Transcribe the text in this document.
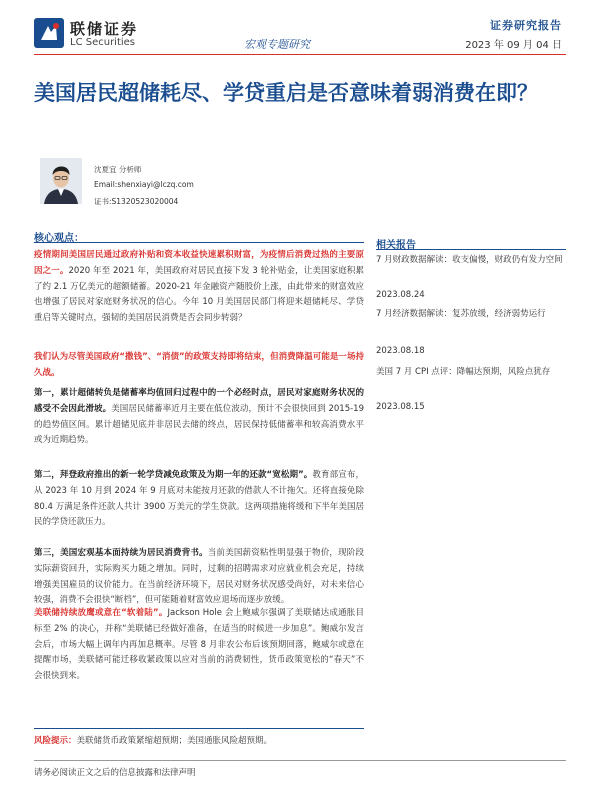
联储证券
LC Securities	宏观专题研究
证券研究报告
2023 年 09 月 04 日
美国居民超储耗尽、学贷重启是否意味着弱消费在即？
沈夏宜 分析师
Email:shenxiayi@lczq.com
证书:S1320523020004
核心观点：
疫情期间美国居民通过政府补贴和资本收益快速累积财富，为疫情后消费过热的主要原因之一。2020 年至 2021 年，美国政府对居民直接下发 3 轮补贴金，让美国家庭积累了约 2.1 万亿美元的超额储蓄。2020-21 年金融资产随股价上涨，由此带来的财富效应也增强了居民对家庭财务状况的信心。今年 10 月美国居民部门将迎来超储耗尽、学贷重启等关键时点，强韧的美国居民消费是否会同步转弱？
我们认为尽管美国政府“撒钱”、“消债”的政策支持即将结束，但消费降温可能是一场持久战。
第一，累计超储转负是储蓄率均值回归过程中的一个必经时点，居民对家庭财务状况的感受不会因此滑坡。美国居民储蓄率近月主要在低位波动，预计不会很快回到 2015-19 的趋势值区间。累计超储见底并非居民去储的终点，居民保持低储蓄率和较高消费水平或为近期趋势。
第二，拜登政府推出的新一轮学贷减免政策及为期一年的还款“宽松期”。教育部宣布，从 2023 年 10 月到 2024 年 9 月底对未能按月还款的借款人不计拖欠。还将直接免除 80.4 万满足条件还款人共计 3900 万美元的学生贷款。这两项措施将缓和下半年美国居民的学贷还款压力。
第三，美国宏观基本面持续为居民消费背书。当前美国薪资粘性明显强于物价，现阶段实际薪资回升，实际购买力随之增加。同时，过剩的招聘需求对应就业机会充足，持续增强美国雇员的议价能力。在当前经济环境下，居民对财务状况感受尚好，对未来信心较强，消费不会很快“断档”，但可能随着财富效应退场而逐步放缓。
美联储持续放鹰或意在“软着陆”。Jackson Hole 会上鲍威尔强调了美联储达成通胀目标至 2% 的决心，并称“美联储已经做好准备，在适当的时候进一步加息”。鲍威尔发言会后，市场大幅上调年内再加息概率。尽管 8 月非农公布后该预期回落，鲍威尔或意在提醒市场，美联储可能迁移收紧政策以应对当前的消费韧性，货币政策宽松的“春天”不会很快到来。
风险提示：美联储货币政策紧缩超预期；美国通胀风险超预期。
相关报告
7 月财政数据解读：收支偏慢，财政仍有发力空间
2023.08.24
7 月经济数据解读：复苏放缓，经济弱势运行
2023.08.18
美国 7 月 CPI 点评：降幅达预期，风险点犹存
2023.08.15
请务必阅读正文之后的信息披露和法律声明
